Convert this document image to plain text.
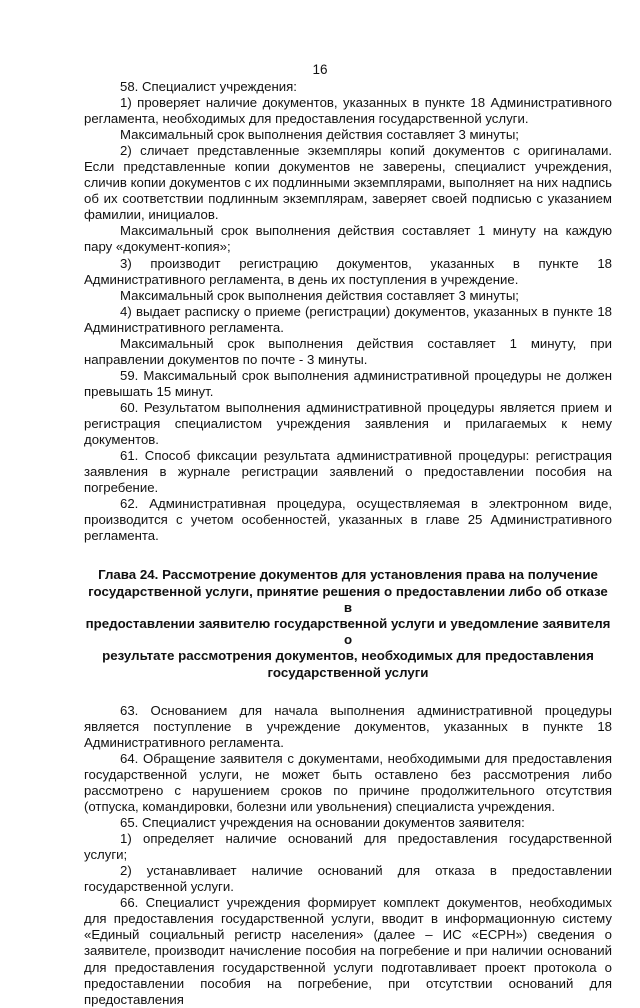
16

58. Специалист учреждения:

1) проверяет наличие документов, указанных в пункте 18 Административного регламента, необходимых для предоставления государственной услуги.

Максимальный срок выполнения действия составляет 3 минуты;

2) сличает представленные экземпляры копий документов с оригиналами. Если представленные копии документов не заверены, специалист учреждения, сличив копии документов с их подлинными экземплярами, выполняет на них надпись об их соответствии подлинным экземплярам, заверяет своей подписью с указанием фамилии, инициалов.

Максимальный срок выполнения действия составляет 1 минуту на каждую пару «документ-копия»;

3) производит регистрацию документов, указанных в пункте 18 Административного регламента, в день их поступления в учреждение.

Максимальный срок выполнения действия составляет 3 минуты;

4) выдает расписку о приеме (регистрации) документов, указанных в пункте 18 Административного регламента.

Максимальный срок выполнения действия составляет 1 минуту, при направлении документов по почте - 3 минуты.

59. Максимальный срок выполнения административной процедуры не должен превышать 15 минут.

60. Результатом выполнения административной процедуры является прием и регистрация специалистом учреждения заявления и прилагаемых к нему документов.

61. Способ фиксации результата административной процедуры: регистрация заявления в журнале регистрации заявлений о предоставлении пособия на погребение.

62. Административная процедура, осуществляемая в электронном виде, производится с учетом особенностей, указанных в главе 25 Административного регламента.

Глава 24. Рассмотрение документов для установления права на получение
государственной услуги, принятие решения о предоставлении либо об отказе в
предоставлении заявителю государственной услуги и уведомление заявителя о
результате рассмотрения документов, необходимых для предоставления
государственной услуги

63. Основанием для начала выполнения административной процедуры является поступление в учреждение документов, указанных в пункте 18 Административного регламента.

64. Обращение заявителя с документами, необходимыми для предоставления государственной услуги, не может быть оставлено без рассмотрения либо рассмотрено с нарушением сроков по причине продолжительного отсутствия (отпуска, командировки, болезни или увольнения) специалиста учреждения.

65. Специалист учреждения на основании документов заявителя:

1) определяет наличие оснований для предоставления государственной услуги;

2) устанавливает наличие оснований для отказа в предоставлении государственной услуги.

66. Специалист учреждения формирует комплект документов, необходимых для предоставления государственной услуги, вводит в информационную систему «Единый социальный регистр населения» (далее – ИС «ЕСРН») сведения о заявителе, производит начисление пособия на погребение и при наличии оснований для предоставления государственной услуги подготавливает проект протокола о предоставлении пособия на погребение, при отсутствии оснований для предоставления
